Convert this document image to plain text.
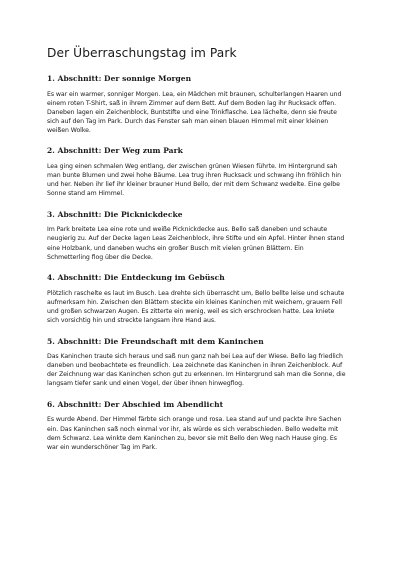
Der Überraschungstag im Park
1. Abschnitt: Der sonnige Morgen

Es war ein warmer, sonniger Morgen. Lea, ein Mädchen mit braunen, schulterlangen Haaren und einem roten T-Shirt, saß in ihrem Zimmer auf dem Bett. Auf dem Boden lag ihr Rucksack offen. Daneben lagen ein Zeichenblock, Buntstifte und eine Trinkflasche. Lea lächelte, denn sie freute sich auf den Tag im Park. Durch das Fenster sah man einen blauen Himmel mit einer kleinen weißen Wolke.

2. Abschnitt: Der Weg zum Park

Lea ging einen schmalen Weg entlang, der zwischen grünen Wiesen führte. Im Hintergrund sah man bunte Blumen und zwei hohe Bäume. Lea trug ihren Rucksack und schwang ihn fröhlich hin und her. Neben ihr lief ihr kleiner brauner Hund Bello, der mit dem Schwanz wedelte. Eine gelbe Sonne stand am Himmel.

3. Abschnitt: Die Picknickdecke

Im Park breitete Lea eine rote und weiße Picknickdecke aus. Bello saß daneben und schaute neugierig zu. Auf der Decke lagen Leas Zeichenblock, ihre Stifte und ein Apfel. Hinter ihnen stand eine Holzbank, und daneben wuchs ein großer Busch mit vielen grünen Blättern. Ein Schmetterling flog über die Decke.

4. Abschnitt: Die Entdeckung im Gebüsch

Plötzlich raschelte es laut im Busch. Lea drehte sich überrascht um, Bello bellte leise und schaute aufmerksam hin. Zwischen den Blättern steckte ein kleines Kaninchen mit weichem, grauem Fell und großen schwarzen Augen. Es zitterte ein wenig, weil es sich erschrocken hatte. Lea kniete sich vorsichtig hin und streckte langsam ihre Hand aus.

5. Abschnitt: Die Freundschaft mit dem Kaninchen

Das Kaninchen traute sich heraus und saß nun ganz nah bei Lea auf der Wiese. Bello lag friedlich daneben und beobachtete es freundlich. Lea zeichnete das Kaninchen in ihren Zeichenblock. Auf der Zeichnung war das Kaninchen schon gut zu erkennen. Im Hintergrund sah man die Sonne, die langsam tiefer sank und einen Vogel, der über ihnen hinwegflog.

6. Abschnitt: Der Abschied im Abendlicht

Es wurde Abend. Der Himmel färbte sich orange und rosa. Lea stand auf und packte ihre Sachen ein. Das Kaninchen saß noch einmal vor ihr, als würde es sich verabschieden. Bello wedelte mit dem Schwanz. Lea winkte dem Kaninchen zu, bevor sie mit Bello den Weg nach Hause ging. Es war ein wunderschöner Tag im Park.
